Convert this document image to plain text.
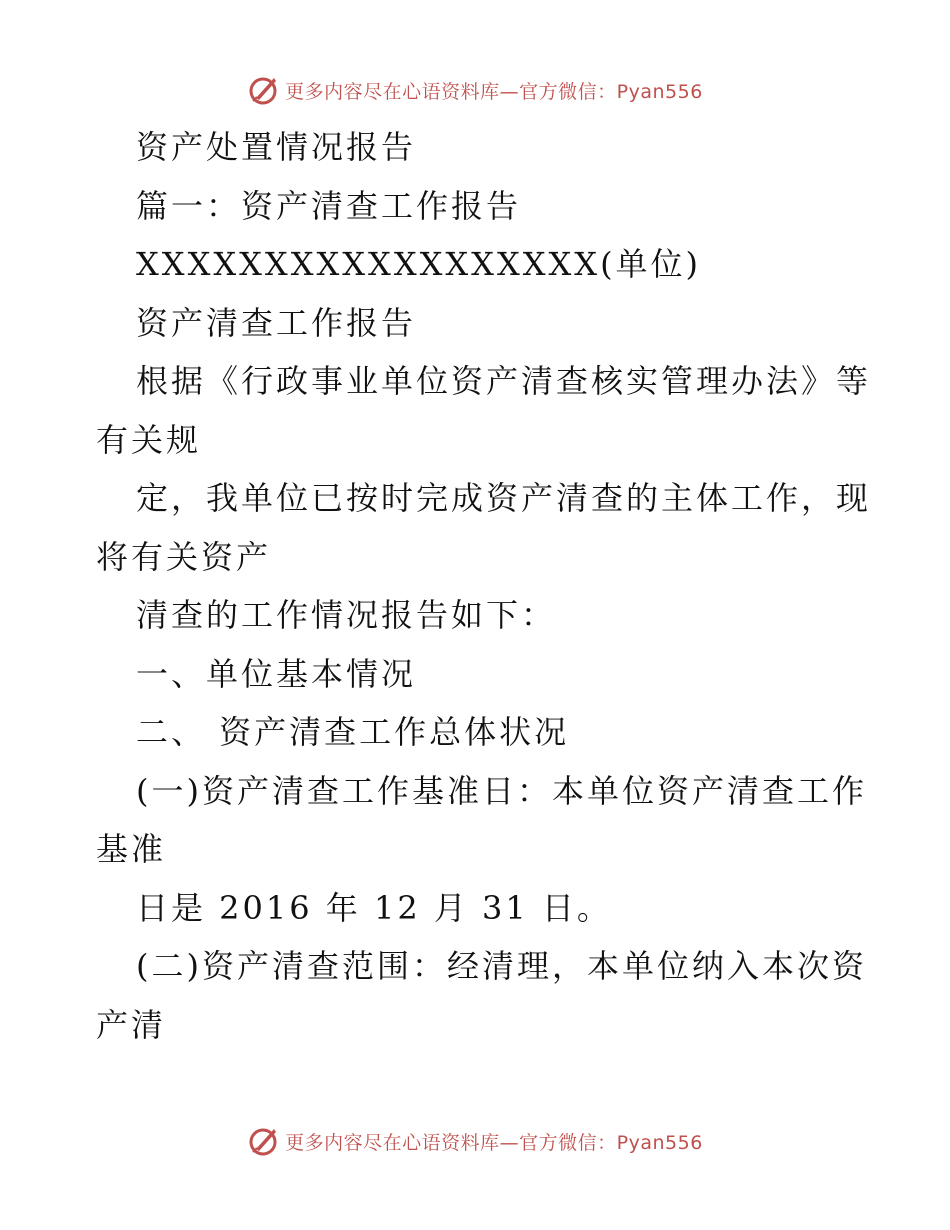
更多内容尽在心语资料库—官方微信：Pyan556
资产处置情况报告
篇一：资产清查工作报告
XXXXXXXXXXXXXXXXXX(单位)
资产清查工作报告
根据《行政事业单位资产清查核实管理办法》等
有关规
定，我单位已按时完成资产清查的主体工作，现
将有关资产
清查的工作情况报告如下：
一、单位基本情况
二、 资产清查工作总体状况
(一)资产清查工作基准日：本单位资产清查工作
基准
日是 2016 年 12 月 31 日。
(二)资产清查范围：经清理，本单位纳入本次资
产清
更多内容尽在心语资料库—官方微信：Pyan556
